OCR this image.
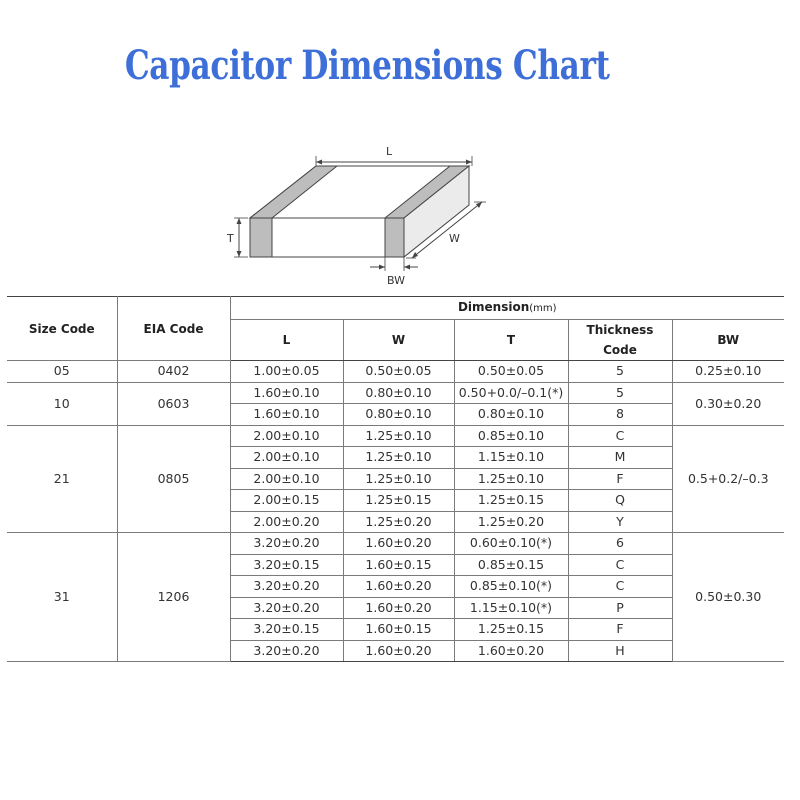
Capacitor Dimensions Chart
L
T	W
BW
Size Code	EIA Code	Dimension(mm)				
		L	W	T	Thickness Code	BW
05	0402	1.00±0.05	0.50±0.05	0.50±0.05	5	0.25±0.10
10	0603	1.60±0.10	0.80±0.10	0.50+0.0/–0.1(*)	5	0.30±0.20
		1.60±0.10	0.80±0.10	0.80±0.10	8	
21	0805	2.00±0.10	1.25±0.10	0.85±0.10	C	0.5+0.2/–0.3
		2.00±0.10	1.25±0.10	1.15±0.10	M	
		2.00±0.10	1.25±0.10	1.25±0.10	F	
		2.00±0.15	1.25±0.15	1.25±0.15	Q	
		2.00±0.20	1.25±0.20	1.25±0.20	Y	
31	1206	3.20±0.20	1.60±0.20	0.60±0.10(*)	6	0.50±0.30
		3.20±0.15	1.60±0.15	0.85±0.15	C	
		3.20±0.20	1.60±0.20	0.85±0.10(*)	C	
		3.20±0.20	1.60±0.20	1.15±0.10(*)	P	
		3.20±0.15	1.60±0.15	1.25±0.15	F	
		3.20±0.20	1.60±0.20	1.60±0.20	H	
